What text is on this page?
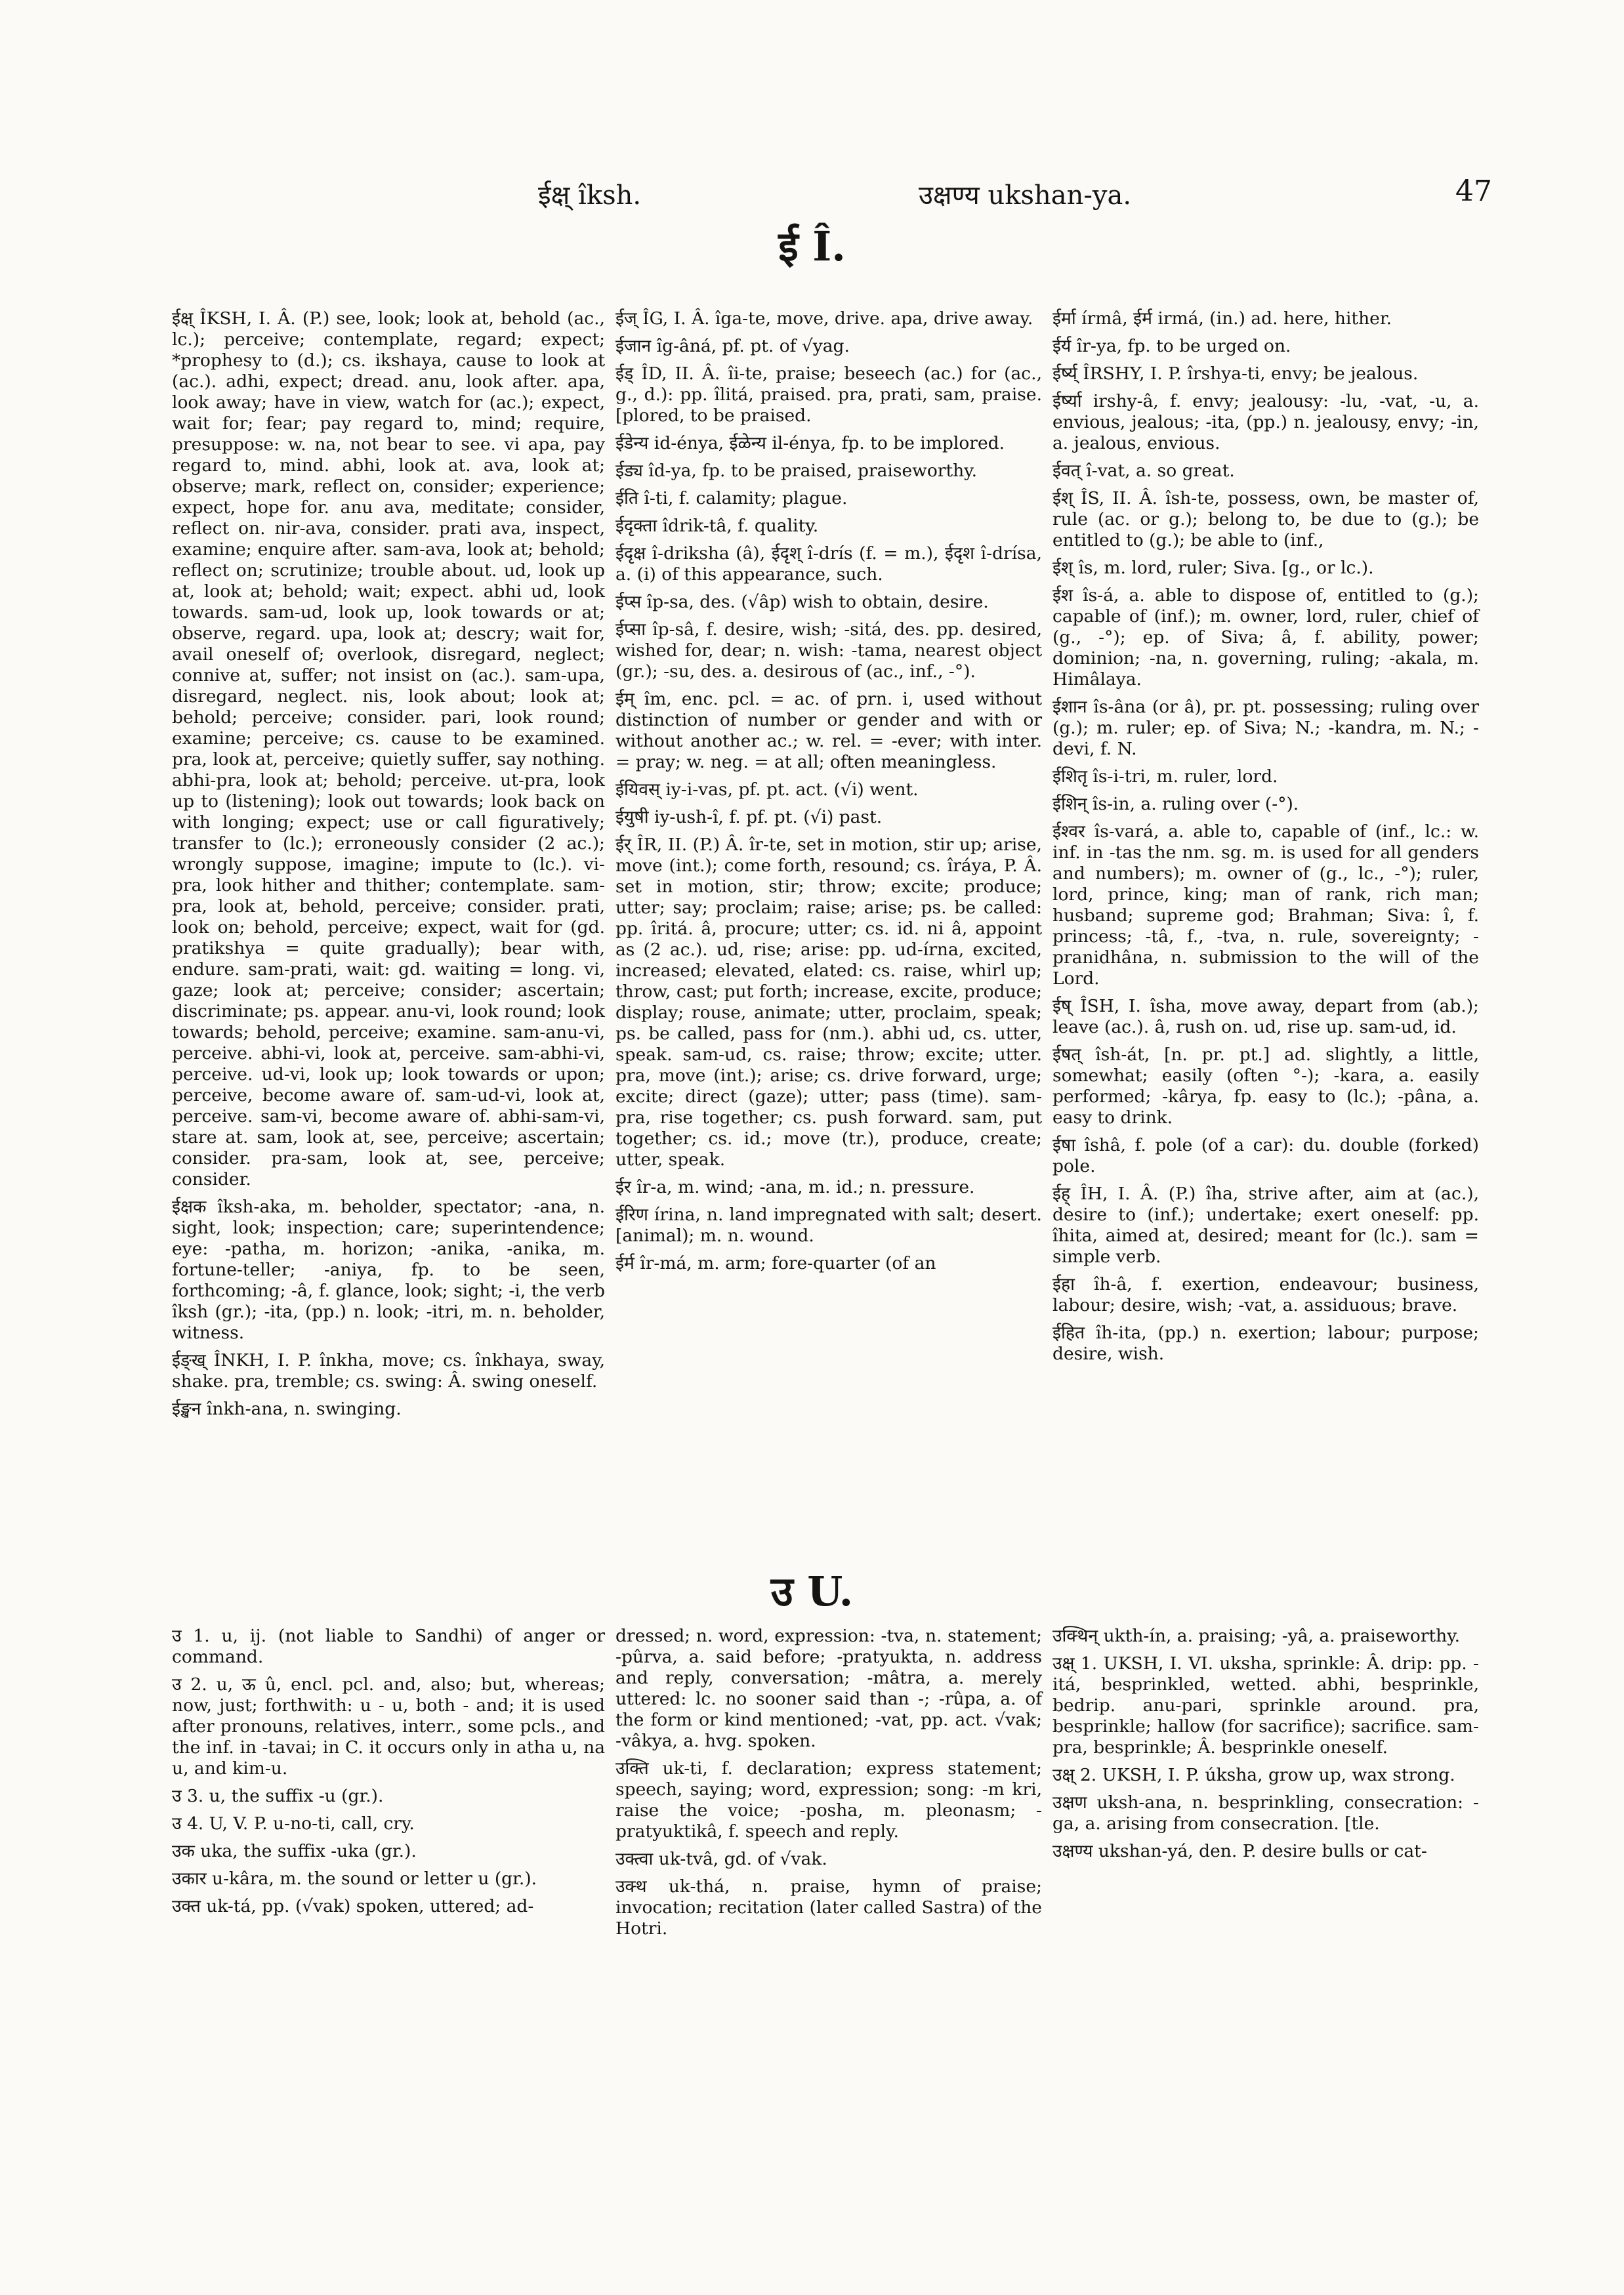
ईक्ष् îksh.	उक्षण्य ukshan-ya.	47
ई Î.

ईक्ष् ÎKSH, I. Â. (P.) see, look; look at, behold (ac., lc.); perceive; contemplate, regard; expect; *prophesy to (d.); cs. ikshaya, cause to look at (ac.). adhi, expect; dread. anu, look after. apa, look away; have in view, watch for (ac.); expect, wait for; fear; pay regard to, mind; require, presuppose: w. na, not bear to see. vi apa, pay regard to, mind. abhi, look at. ava, look at; observe; mark, reflect on, consider; experience; expect, hope for. anu ava, meditate; consider, reflect on. nir-ava, consider. prati ava, inspect, examine; enquire after. sam-ava, look at; behold; reflect on; scrutinize; trouble about. ud, look up at, look at; behold; wait; expect. abhi ud, look towards. sam-ud, look up, look towards or at; observe, regard. upa, look at; descry; wait for, avail oneself of; overlook, disregard, neglect; connive at, suffer; not insist on (ac.). sam-upa, disregard, neglect. nis, look about; look at; behold; perceive; consider. pari, look round; examine; perceive; cs. cause to be examined. pra, look at, perceive; quietly suffer, say nothing. abhi-pra, look at; behold; perceive. ut-pra, look up to (listening); look out towards; look back on with longing; expect; use or call figuratively; transfer to (lc.); erroneously consider (2 ac.); wrongly suppose, imagine; impute to (lc.). vi-pra, look hither and thither; contemplate. sam-pra, look at, behold, perceive; consider. prati, look on; behold, perceive; expect, wait for (gd. pratikshya = quite gradually); bear with, endure. sam-prati, wait: gd. waiting = long. vi, gaze; look at; perceive; consider; ascertain; discriminate; ps. appear. anu-vi, look round; look towards; behold, perceive; examine. sam-anu-vi, perceive. abhi-vi, look at, perceive. sam-abhi-vi, perceive. ud-vi, look up; look towards or upon; perceive, become aware of. sam-ud-vi, look at, perceive. sam-vi, become aware of. abhi-sam-vi, stare at. sam, look at, see, perceive; ascertain; consider. pra-sam, look at, see, perceive; consider.

ईक्षक îksh-aka, m. beholder, spectator; -ana, n. sight, look; inspection; care; superintendence; eye: -patha, m. horizon; -anika, -anika, m. fortune-teller; -aniya, fp. to be seen, forthcoming; -â, f. glance, look; sight; -i, the verb îksh (gr.); -ita, (pp.) n. look; -itri, m. n. beholder, witness.

ईङ्ख् ÎNKH, I. P. înkha, move; cs. înkhaya, sway, shake. pra, tremble; cs. swing: Â. swing oneself.

ईङ्खन înkh-ana, n. swinging.

ईज् ÎG, I. Â. îga-te, move, drive. apa, drive away.

ईजान îg-âná, pf. pt. of √yag.

ईड् ÎD, II. Â. îi-te, praise; beseech (ac.) for (ac., g., d.): pp. îlitá, praised. pra, prati, sam, praise. [plored, to be praised.

ईडेन्य id-énya, ईळेन्य il-énya, fp. to be implored.

ईड्य îd-ya, fp. to be praised, praiseworthy.

ईति î-ti, f. calamity; plague.

ईदृक्ता îdrik-tâ, f. quality.

ईदृक्ष î-driksha (â), ईदृश् î-drís (f. = m.), ईदृश î-drísa, a. (i) of this appearance, such.

ईप्स îp-sa, des. (√âp) wish to obtain, desire.

ईप्सा îp-sâ, f. desire, wish; -sitá, des. pp. desired, wished for, dear; n. wish: -tama, nearest object (gr.); -su, des. a. desirous of (ac., inf., -°).

ईम् îm, enc. pcl. = ac. of prn. i, used without distinction of number or gender and with or without another ac.; w. rel. = -ever; with inter. = pray; w. neg. = at all; often meaningless.

ईयिवस् iy-i-vas, pf. pt. act. (√i) went.

ईयुषी iy-ush-î, f. pf. pt. (√i) past.

ईर् ÎR, II. (P.) Â. îr-te, set in motion, stir up; arise, move (int.); come forth, resound; cs. îráya, P. Â. set in motion, stir; throw; excite; produce; utter; say; proclaim; raise; arise; ps. be called: pp. îritá. â, procure; utter; cs. id. ni â, appoint as (2 ac.). ud, rise; arise: pp. ud-írna, excited, increased; elevated, elated: cs. raise, whirl up; throw, cast; put forth; increase, excite, produce; display; rouse, animate; utter, proclaim, speak; ps. be called, pass for (nm.). abhi ud, cs. utter, speak. sam-ud, cs. raise; throw; excite; utter. pra, move (int.); arise; cs. drive forward, urge; excite; direct (gaze); utter; pass (time). sam-pra, rise together; cs. push forward. sam, put together; cs. id.; move (tr.), produce, create; utter, speak.

ईर îr-a, m. wind; -ana, m. id.; n. pressure.

ईरिण írina, n. land impregnated with salt; desert. [animal); m. n. wound.

ईर्म îr-má, m. arm; fore-quarter (of an

ईर्मा írmâ, ईर्म irmá, (in.) ad. here, hither.

ईर्य îr-ya, fp. to be urged on.

ईर्ष्य् ÎRSHY, I. P. îrshya-ti, envy; be jealous.

ईर्ष्या irshy-â, f. envy; jealousy: -lu, -vat, -u, a. envious, jealous; -ita, (pp.) n. jealousy, envy; -in, a. jealous, envious.

ईवत् î-vat, a. so great.

ईश् ÎS, II. Â. îsh-te, possess, own, be master of, rule (ac. or g.); belong to, be due to (g.); be entitled to (g.); be able to (inf.,

ईश् îs, m. lord, ruler; Siva. [g., or lc.).

ईश îs-á, a. able to dispose of, entitled to (g.); capable of (inf.); m. owner, lord, ruler, chief of (g., -°); ep. of Siva; â, f. ability, power; dominion; -na, n. governing, ruling; -akala, m. Himâlaya.

ईशान îs-âna (or â), pr. pt. possessing; ruling over (g.); m. ruler; ep. of Siva; N.; -kandra, m. N.; -devi, f. N.

ईशितृ îs-i-tri, m. ruler, lord.

ईशिन् îs-in, a. ruling over (-°).

ईश्वर îs-vará, a. able to, capable of (inf., lc.: w. inf. in -tas the nm. sg. m. is used for all genders and numbers); m. owner of (g., lc., -°); ruler, lord, prince, king; man of rank, rich man; husband; supreme god; Brahman; Siva: î, f. princess; -tâ, f., -tva, n. rule, sovereignty; -pranidhâna, n. submission to the will of the Lord.

ईष् ÎSH, I. îsha, move away, depart from (ab.); leave (ac.). â, rush on. ud, rise up. sam-ud, id.

ईषत् îsh-át, [n. pr. pt.] ad. slightly, a little, somewhat; easily (often °-); -kara, a. easily performed; -kârya, fp. easy to (lc.); -pâna, a. easy to drink.

ईषा îshâ, f. pole (of a car): du. double (forked) pole.

ईह् ÎH, I. Â. (P.) îha, strive after, aim at (ac.), desire to (inf.); undertake; exert oneself: pp. îhita, aimed at, desired; meant for (lc.). sam = simple verb.

ईहा îh-â, f. exertion, endeavour; business, labour; desire, wish; -vat, a. assiduous; brave.

ईहित îh-ita, (pp.) n. exertion; labour; purpose; desire, wish.

उ U.

उ 1. u, ij. (not liable to Sandhi) of anger or command.

उ 2. u, ऊ û, encl. pcl. and, also; but, whereas; now, just; forthwith: u - u, both - and; it is used after pronouns, relatives, interr., some pcls., and the inf. in -tavai; in C. it occurs only in atha u, na u, and kim-u.

उ 3. u, the suffix -u (gr.).

उ 4. U, V. P. u-no-ti, call, cry.

उक uka, the suffix -uka (gr.).

उकार u-kâra, m. the sound or letter u (gr.).

उक्त uk-tá, pp. (√vak) spoken, uttered; ad-

dressed; n. word, expression: -tva, n. statement; -pûrva, a. said before; -pratyukta, n. address and reply, conversation; -mâtra, a. merely uttered: lc. no sooner said than -; -rûpa, a. of the form or kind mentioned; -vat, pp. act. √vak; -vâkya, a. hvg. spoken.

उक्ति uk-ti, f. declaration; express statement; speech, saying; word, expression; song: -m kri, raise the voice; -posha, m. pleonasm; -pratyuktikâ, f. speech and reply.

उक्त्वा uk-tvâ, gd. of √vak.

उक्थ uk-thá, n. praise, hymn of praise; invocation; recitation (later called Sastra) of the Hotri.

उक्थिन् ukth-ín, a. praising; -yâ, a. praiseworthy.

उक्ष् 1. UKSH, I. VI. uksha, sprinkle: Â. drip: pp. -itá, besprinkled, wetted. abhi, besprinkle, bedrip. anu-pari, sprinkle around. pra, besprinkle; hallow (for sacrifice); sacrifice. sam-pra, besprinkle; Â. besprinkle oneself.

उक्ष् 2. UKSH, I. P. úksha, grow up, wax strong.

उक्षण uksh-ana, n. besprinkling, consecration: -ga, a. arising from consecration. [tle.

उक्षण्य ukshan-yá, den. P. desire bulls or cat-
